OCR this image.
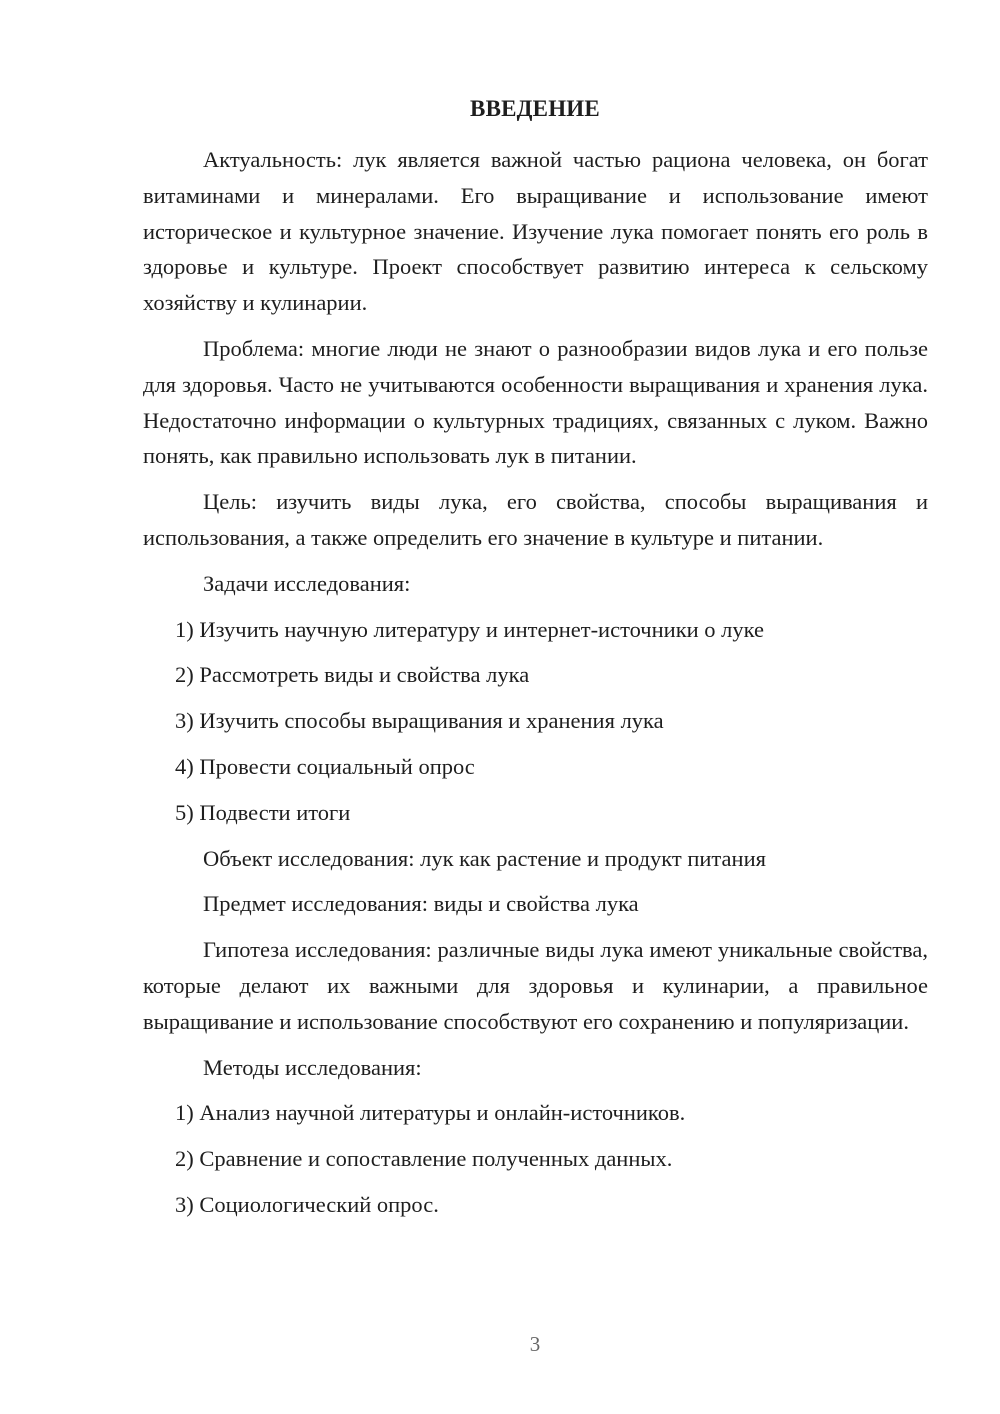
ВВЕДЕНИЕ

Актуальность: лук является важной частью рациона человека, он богат витаминами и минералами. Его выращивание и использование имеют историческое и культурное значение. Изучение лука помогает понять его роль в здоровье и культуре. Проект способствует развитию интереса к сельскому хозяйству и кулинарии.

Проблема: многие люди не знают о разнообразии видов лука и его пользе для здоровья. Часто не учитываются особенности выращивания и хранения лука. Недостаточно информации о культурных традициях, связанных с луком. Важно понять, как правильно использовать лук в питании.

Цель: изучить виды лука, его свойства, способы выращивания и использования, а также определить его значение в культуре и питании.

Задачи исследования:

1) Изучить научную литературу и интернет-источники о луке

2) Рассмотреть виды и свойства лука

3) Изучить способы выращивания и хранения лука

4) Провести социальный опрос

5) Подвести итоги

Объект исследования: лук как растение и продукт питания

Предмет исследования: виды и свойства лука

Гипотеза исследования: различные виды лука имеют уникальные свойства, которые делают их важными для здоровья и кулинарии, а правильное выращивание и использование способствуют его сохранению и популяризации.

Методы исследования:

1) Анализ научной литературы и онлайн-источников.

2) Сравнение и сопоставление полученных данных.

3) Социологический опрос.

3
